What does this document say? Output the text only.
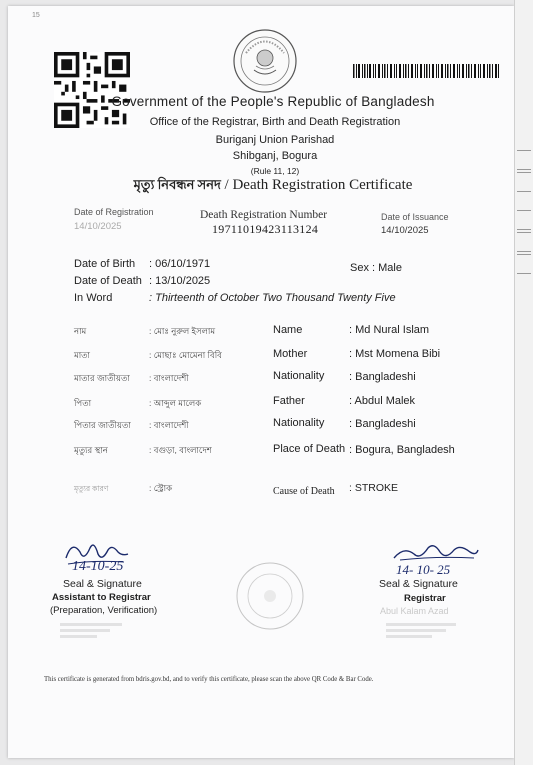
15
Government of the People's Republic of Bangladesh
Office of the Registrar, Birth and Death Registration
Buriganj Union Parishad
Shibganj, Bogura
(Rule 11, 12)
মৃত্যু নিবন্ধন সনদ / Death Registration Certificate
Date of Registration
14/10/2025
Death Registration Number
19711019423113124
Date of Issuance
14/10/2025
Date of Birth : 06/10/1971	Sex : Male
Date of Death : 13/10/2025
In Word	: Thirteenth of October Two Thousand Twenty Five
নাম	: মোঃ নুরুল ইসলাম
মাতা	: মোছাঃ মোমেনা বিবি
মাতার জাতীয়তা : বাংলাদেশী
পিতা	: আব্দুল মালেক
পিতার জাতীয়তা : বাংলাদেশী
মৃত্যুর স্থান	: বগুড়া, বাংলাদেশ
মৃত্যুর কারণ	: স্ট্রোক
Name	: Md Nural Islam
Mother	: Mst Momena Bibi
Nationality : Bangladeshi
Father	: Abdul Malek
Nationality : Bangladeshi
Place of Death : Bogura, Bangladesh
Cause of Death : STROKE
14-10-25
Seal & Signature
Assistant to Registrar
(Preparation, Verification)
14- 10- 25
Seal & Signature
Registrar
Abul Kalam Azad
This certificate is generated from bdris.gov.bd, and to verify this certificate, please scan the above QR Code & Bar Code.
